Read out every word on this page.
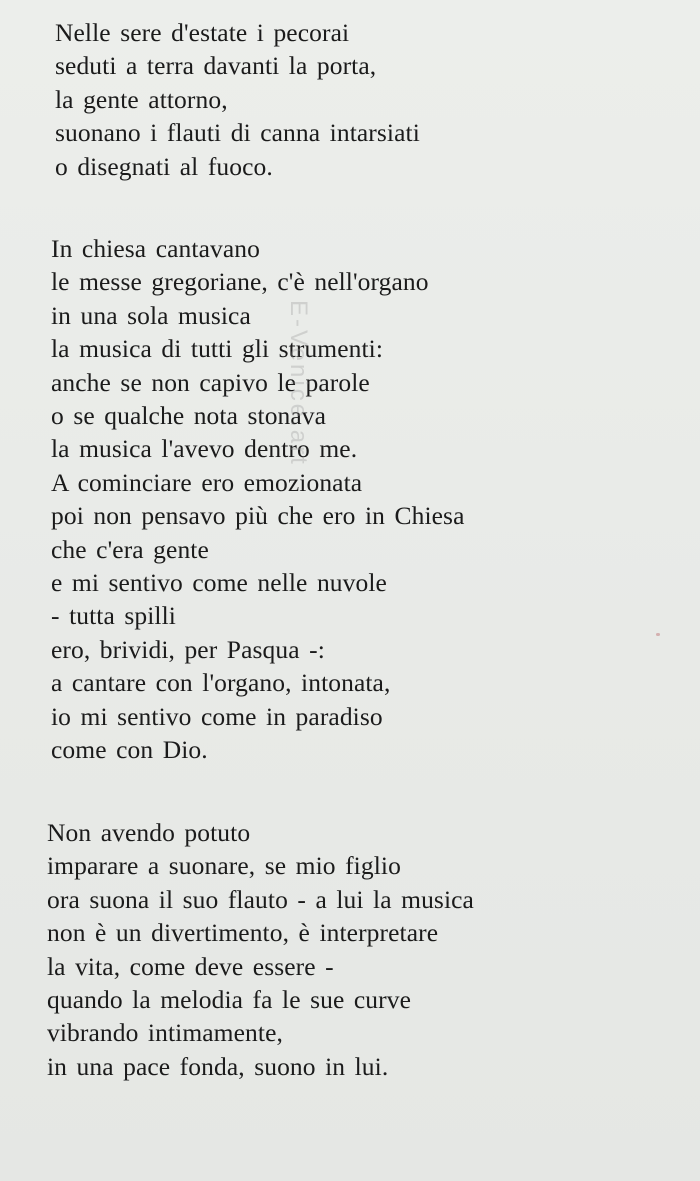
Nelle sere d'estate i pecorai
seduti a terra davanti la porta,
la gente attorno,
suonano i flauti di canna intarsiati
o disegnati al fuoco.
In chiesa cantavano
le messe gregoriane, c'è nell'organo
in una sola musica
la musica di tutti gli strumenti:
anche se non capivo le parole
o se qualche nota stonava
la musica l'avevo dentro me.
A cominciare ero emozionata
poi non pensavo più che ero in Chiesa
che c'era gente
e mi sentivo come nelle nuvole
- tutta spilli
ero, brividi, per Pasqua -:
a cantare con l'organo, intonata,
io mi sentivo come in paradiso
come con Dio.
Non avendo potuto
imparare a suonare, se mio figlio
ora suona il suo flauto - a lui la musica
non è un divertimento, è interpretare
la vita, come deve essere -
quando la melodia fa le sue curve
vibrando intimamente,
in una pace fonda, suono in lui.
E-Venice.art
